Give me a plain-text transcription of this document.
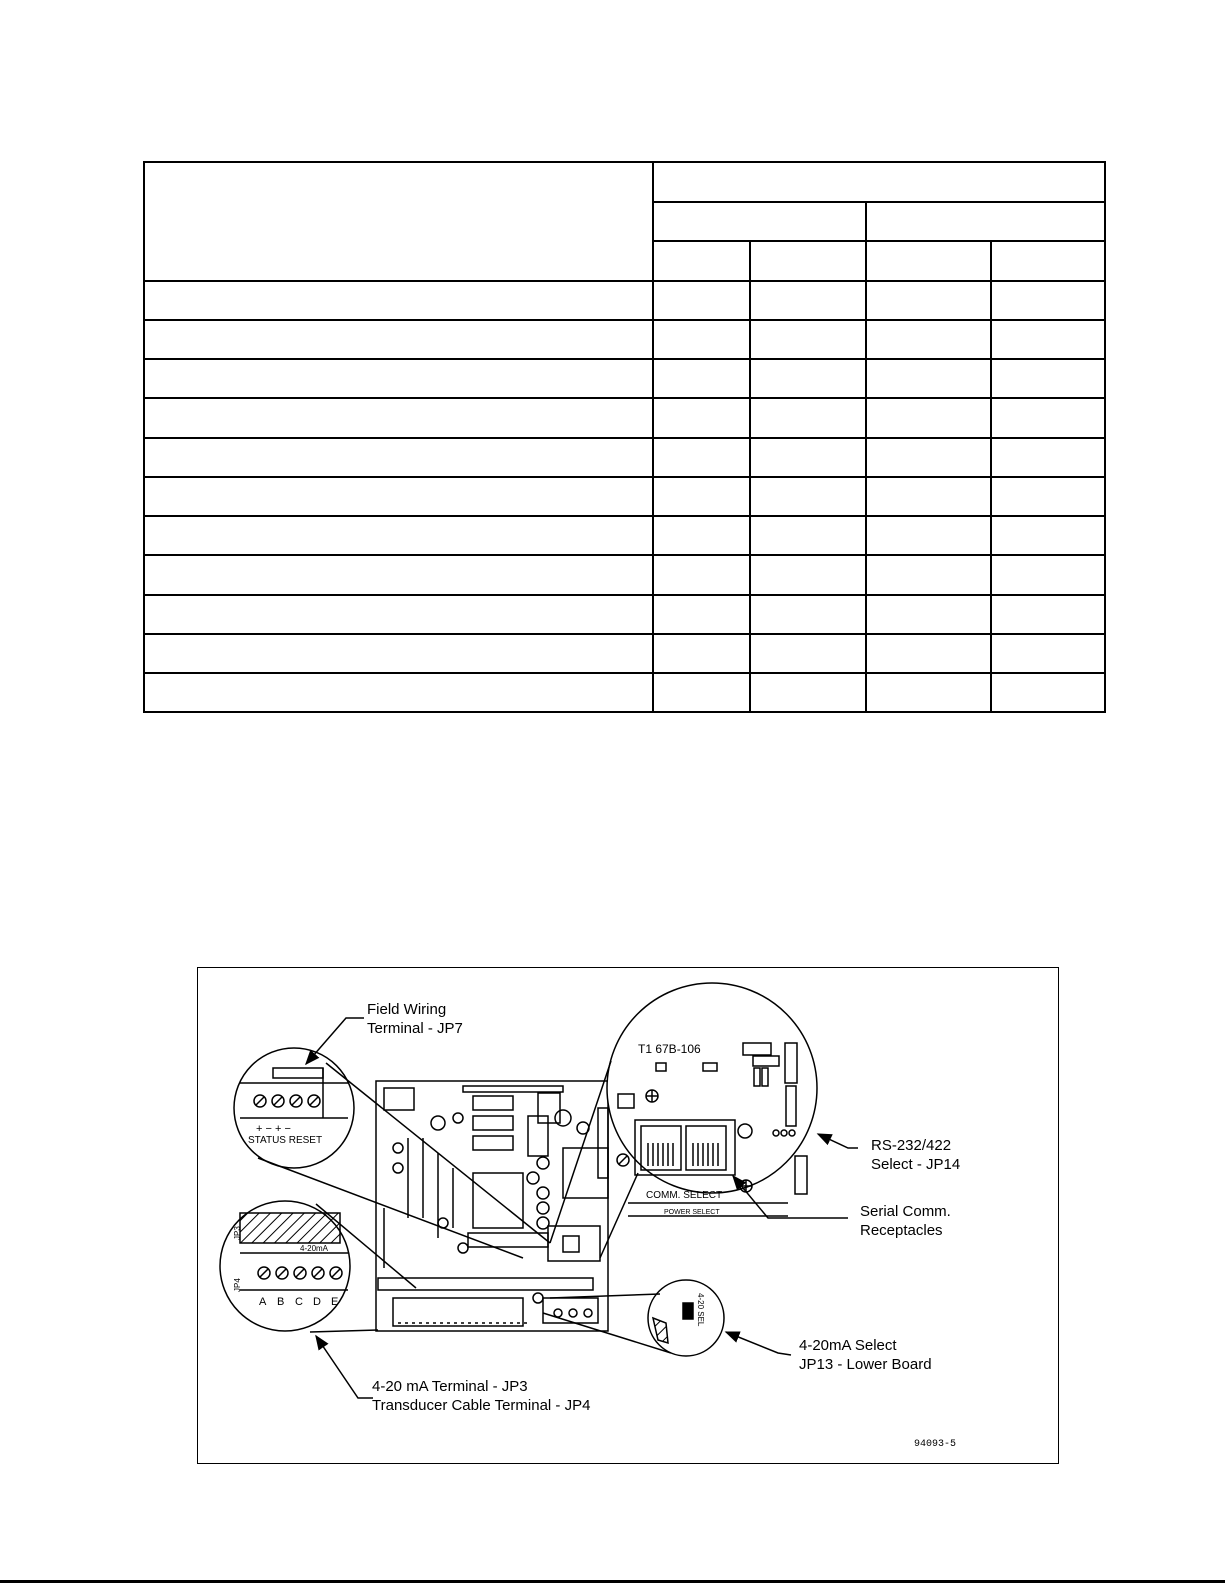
+ − + −
STATUS RESET
JP3
JP4
4-20mA
A B C D E
T1 67B-106
COMM. SELECT
POWER SELECT
4-20 SEL
Field Wiring
Terminal - JP7
RS-232/422
Select - JP14
Serial Comm.
Receptacles
4-20mA Select
JP13 - Lower Board
4-20 mA Terminal - JP3
Transducer Cable Terminal - JP4
94093-5
